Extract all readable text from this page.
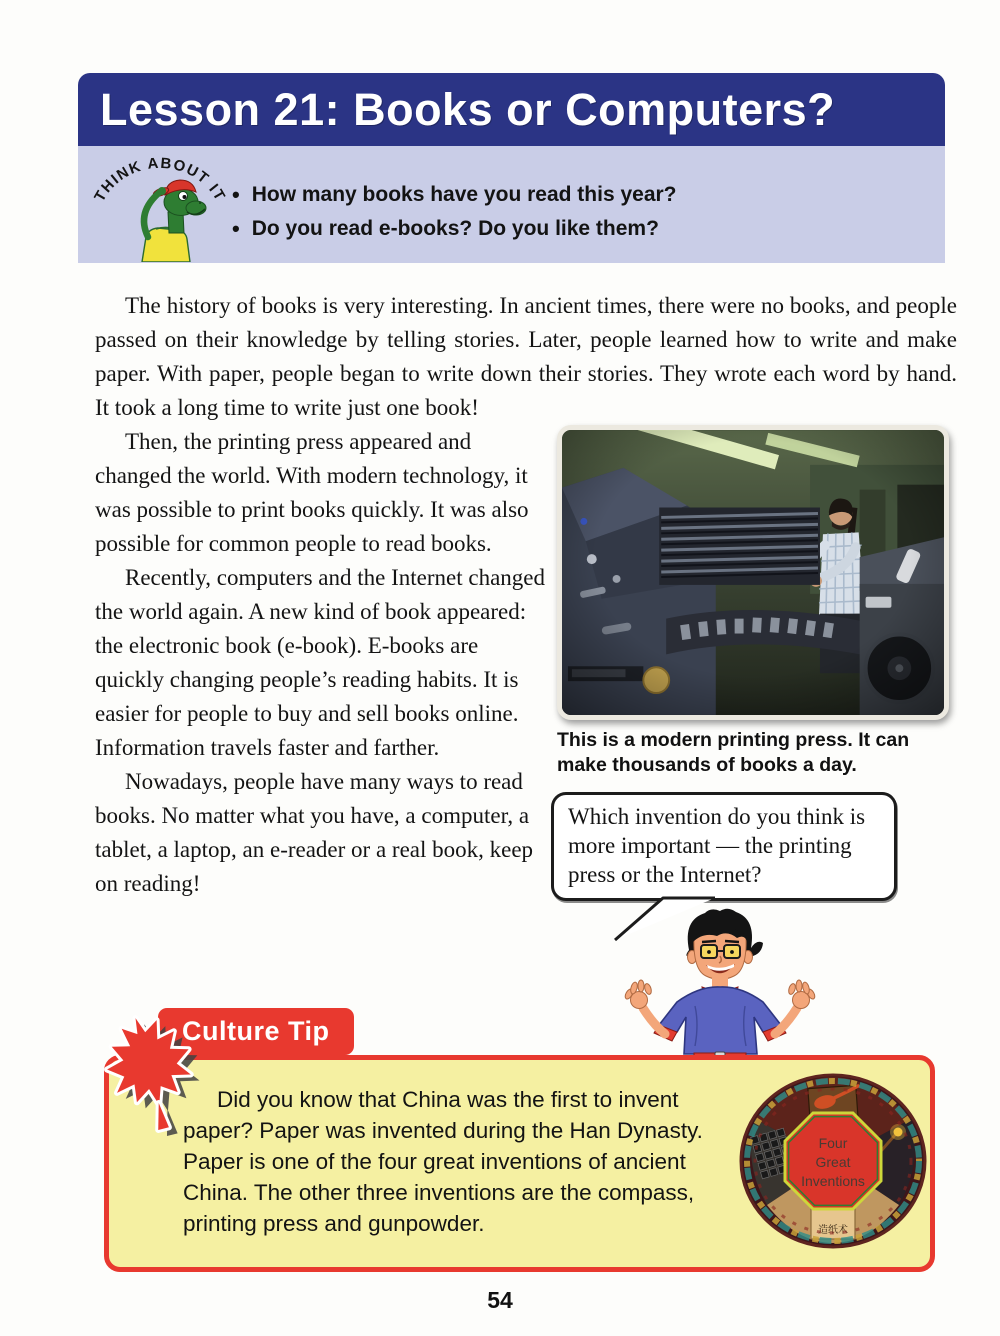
Lesson 21: Books or Computers?
THINK ABOUT IT • How many books have you read this year?
• Do you read e-books? Do you like them?

The history of books is very interesting. In ancient times, there were no books, and people passed on their knowledge by telling stories. Later, people learned how to write and make paper. With paper, people began to write down their stories. They wrote each word by hand. It took a long time to write just one book!

This is a modern printing press. It can make thousands of books a day.

Which invention do you think is more important — the printing press or the Internet?

Then, the printing press appeared and changed the world. With modern technology, it was possible to print books quickly. It was also possible for common people to read books.

Recently, computers and the Internet changed the world again. A new kind of book appeared: the electronic book (e-book). E-books are quickly changing people’s reading habits. It is easier for people to buy and sell books online. Information travels faster and farther.

Nowadays, people have many ways to read books. No matter what you have, a computer, a tablet, a laptop, an e-reader or a real book, keep on reading!

Culture Tip

Did you know that China was the first to invent paper? Paper was invented during the Han Dynasty. Paper is one of the four great inventions of ancient China. The other three inventions are the compass, printing press and gunpowder.	造纸术
Four
Great
Inventions
54
